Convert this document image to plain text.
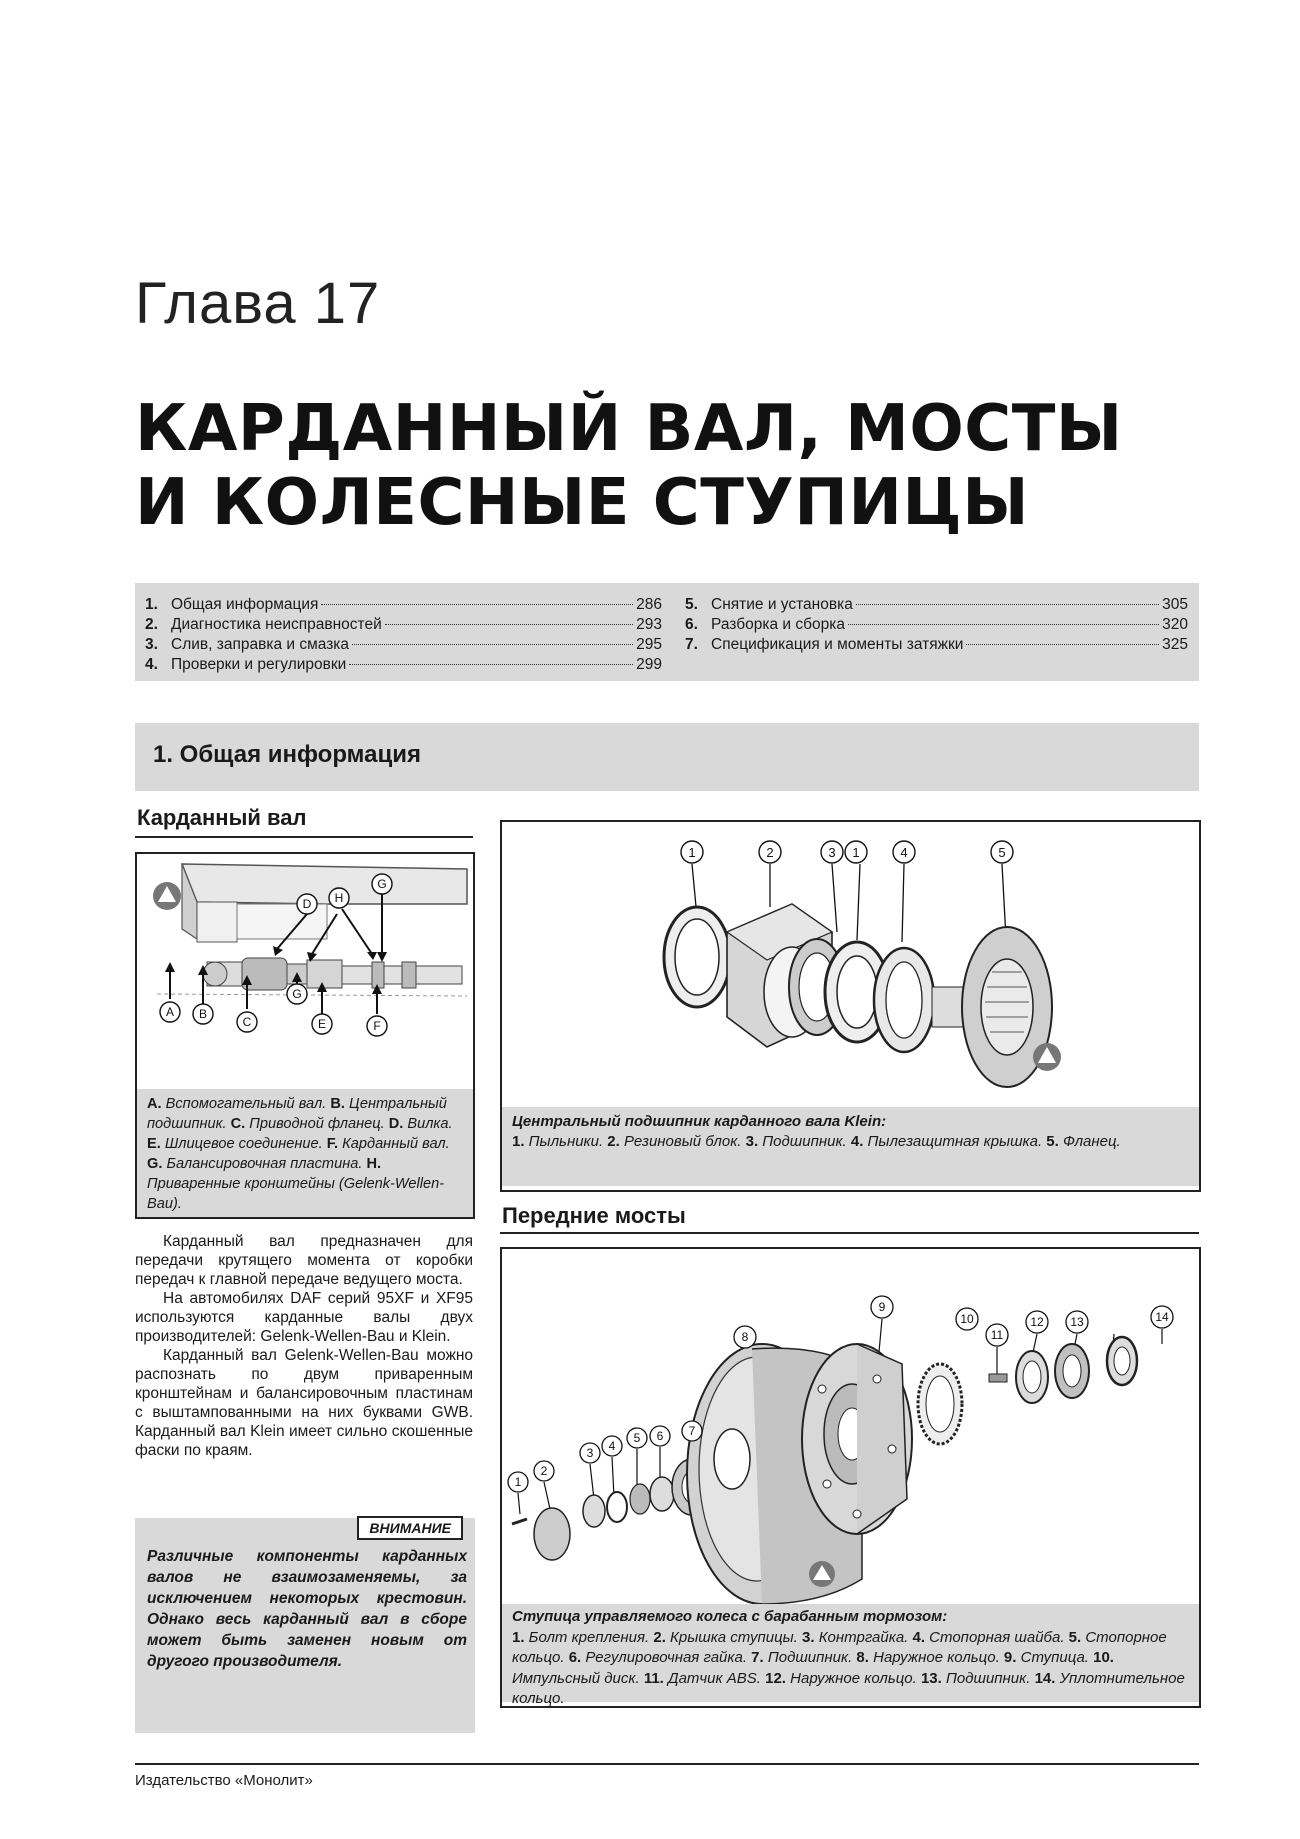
Глава 17
КАРДАННЫЙ ВАЛ, МОСТЫ
И КОЛЕСНЫЕ СТУПИЦЫ
1. Общая информация	286
2. Диагностика неисправностей	293
3. Слив, заправка и смазка	295
4. Проверки и регулировки	299
5. Снятие и установка	305
6. Разборка и сборка	320
7. Спецификация и моменты затяжки	325
1. Общая информация
Карданный вал
A B
C
D
E	F
G
H
G
A. Вспомогательный вал. B. Центральный подшипник. C. Приводной фланец. D. Вилка. E. Шлицевое соединение. F. Карданный вал. G. Балансировочная пластина. H. Приваренные кронштейны (Gelenk-Wellen-Bau).

Карданный вал предназначен для передачи крутящего момента от коробки передач к главной передаче ведущего моста.

На автомобилях DAF серий 95XF и XF95 используются карданные валы двух производителей: Gelenk-Wellen-Bau и Klein.

Карданный вал Gelenk-Wellen-Bau можно распознать по двум приваренным кронштейнам и балансировочным пластинам с выштампованными на них буквами GWB. Карданный вал Klein имеет сильно скошенные фаски по краям.

ВНИМАНИЕ
Различные компоненты карданных валов не взаимозаменяемы, за исключением некоторых крестовин. Однако весь карданный вал в сборе может быть заменен новым от другого производителя.
1	2	3 1	4	5
Центральный подшипник карданного вала Klein:
1. Пыльники. 2. Резиновый блок. 3. Подшипник. 4. Пылезащитная крышка. 5. Фланец.
Передние мосты
1
2
3 4
5 6 7
8
9
10
11
12 13	14
Ступица управляемого колеса с барабанным тормозом:
1. Болт крепления. 2. Крышка ступицы. 3. Контргайка. 4. Стопорная шайба. 5. Стопорное кольцо. 6. Регулировочная гайка. 7. Подшипник. 8. Наружное кольцо. 9. Ступица. 10. Импульсный диск. 11. Датчик ABS. 12. Наружное кольцо. 13. Подшипник. 14. Уплотнительное кольцо.
Издательство «Монолит»
